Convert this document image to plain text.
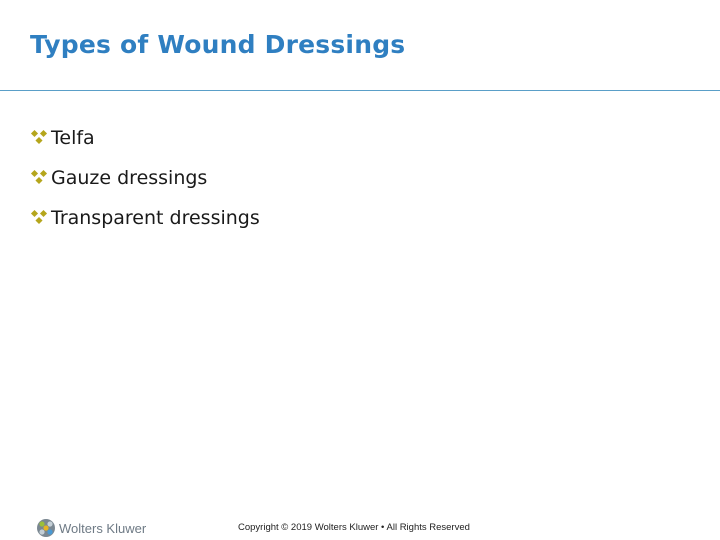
Types of Wound Dressings
Telfa
Gauze dressings
Transparent dressings
Wolters Kluwer	Copyright © 2019 Wolters Kluwer • All Rights Reserved
